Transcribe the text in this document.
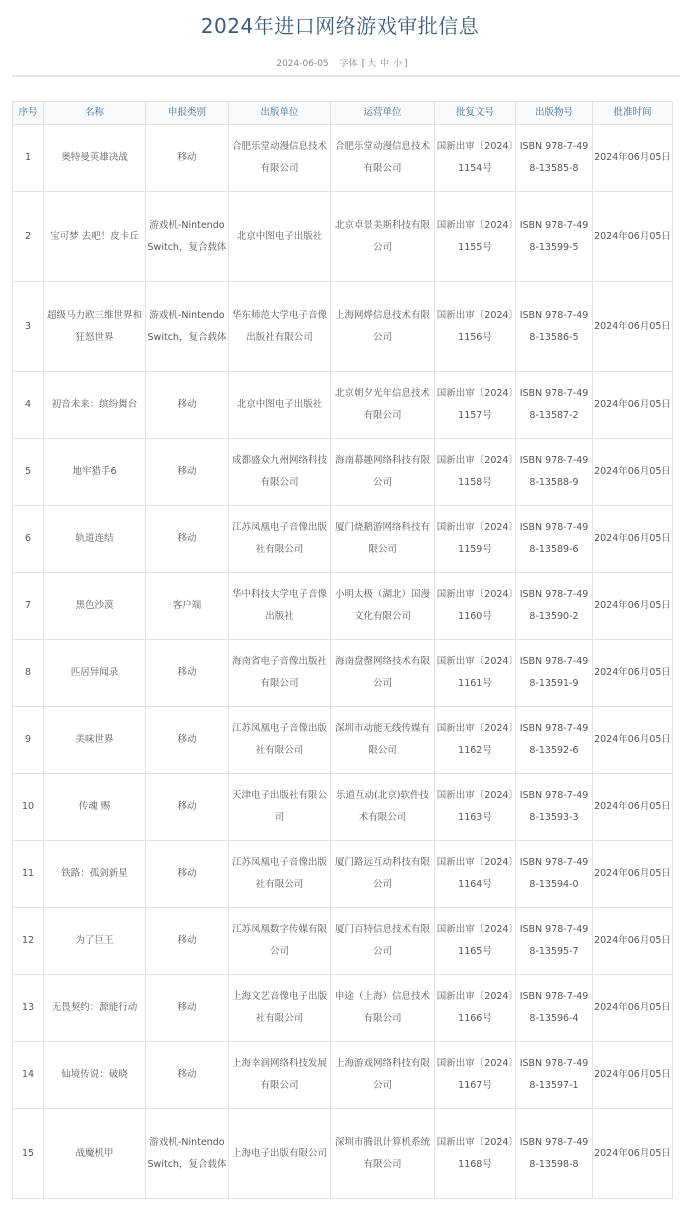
2024年进口网络游戏审批信息
2024-06-05 字体 [ 大 中 小 ]
序号	名称	申报类别	出版单位	运营单位	批复文号	出版物号	批准时间
1	奥特曼英雄决战	移动	合肥乐堂动漫信息技术有限公司	合肥乐堂动漫信息技术有限公司	国新出审〔2024〕1154号	ISBN 978-7-498-13585-8	2024年06月05日
2	宝可梦 去吧！皮卡丘	游戏机-Nintendo Switch，复合载体	北京中图电子出版社	北京卓景美斯科技有限公司	国新出审〔2024〕1155号	ISBN 978-7-498-13599-5	2024年06月05日
3	超级马力欧三维世界和狂怒世界	游戏机-Nintendo Switch，复合载体	华东师范大学电子音像出版社有限公司	上海网烨信息技术有限公司	国新出审〔2024〕1156号	ISBN 978-7-498-13586-5	2024年06月05日
4	初音未来：缤纷舞台	移动	北京中图电子出版社	北京朝夕光年信息技术有限公司	国新出审〔2024〕1157号	ISBN 978-7-498-13587-2	2024年06月05日
5	地牢猎手6	移动	成都盛众九州网络科技有限公司	海南幕趣网络科技有限公司	国新出审〔2024〕1158号	ISBN 978-7-498-13588-9	2024年06月05日
6	轨道连结	移动	江苏凤凰电子音像出版社有限公司	厦门烧鹅游网络科技有限公司	国新出审〔2024〕1159号	ISBN 978-7-498-13589-6	2024年06月05日
7	黑色沙漠	客户端	华中科技大学电子音像出版社	小明太极（湖北）国漫文化有限公司	国新出审〔2024〕1160号	ISBN 978-7-498-13590-2	2024年06月05日
8	匹居异闻录	移动	海南省电子音像出版社有限公司	海南盘罄网络技术有限公司	国新出审〔2024〕1161号	ISBN 978-7-498-13591-9	2024年06月05日
9	美味世界	移动	江苏凤凰电子音像出版社有限公司	深圳市动能无线传媒有限公司	国新出审〔2024〕1162号	ISBN 978-7-498-13592-6	2024年06月05日
10	传魂 赐	移动	天津电子出版社有限公司	乐道互动(北京)软件技术有限公司	国新出审〔2024〕1163号	ISBN 978-7-498-13593-3	2024年06月05日
11	铁路：孤剑新星	移动	江苏凤凰电子音像出版社有限公司	厦门路远互动科技有限公司	国新出审〔2024〕1164号	ISBN 978-7-498-13594-0	2024年06月05日
12	为了巨王	移动	江苏凤凰数字传媒有限公司	厦门百特信息技术有限公司	国新出审〔2024〕1165号	ISBN 978-7-498-13595-7	2024年06月05日
13	无畏契约：源能行动	移动	上海文艺音像电子出版社有限公司	申途（上海）信息技术有限公司	国新出审〔2024〕1166号	ISBN 978-7-498-13596-4	2024年06月05日
14	仙境传说：破晓	移动	上海幸润网络科技发展有限公司	上海游戏网络科技有限公司	国新出审〔2024〕1167号	ISBN 978-7-498-13597-1	2024年06月05日
15	战魔机甲	游戏机-Nintendo Switch，复合载体	上海电子出版有限公司	深圳市腾讯计算机系统有限公司	国新出审〔2024〕1168号	ISBN 978-7-498-13598-8	2024年06月05日
